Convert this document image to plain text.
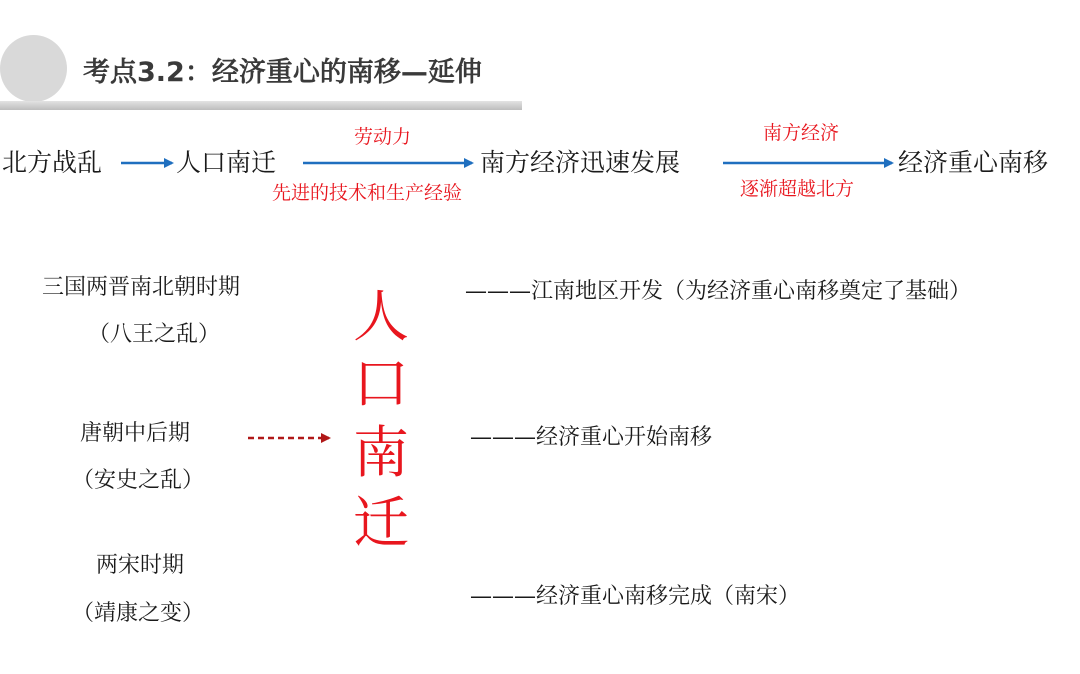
考点3.2：经济重心的南移—延伸
北方战乱	人口南迁	南方经济迅速发展	经济重心南移
劳动力
先进的技术和生产经验
南方经济
逐渐超越北方
三国两晋南北朝时期
（八王之乱）
唐朝中后期
（安史之乱）
两宋时期
（靖康之变）
人
口
南
迁
———江南地区开发（为经济重心南移奠定了基础）
———经济重心开始南移
———经济重心南移完成（南宋）
